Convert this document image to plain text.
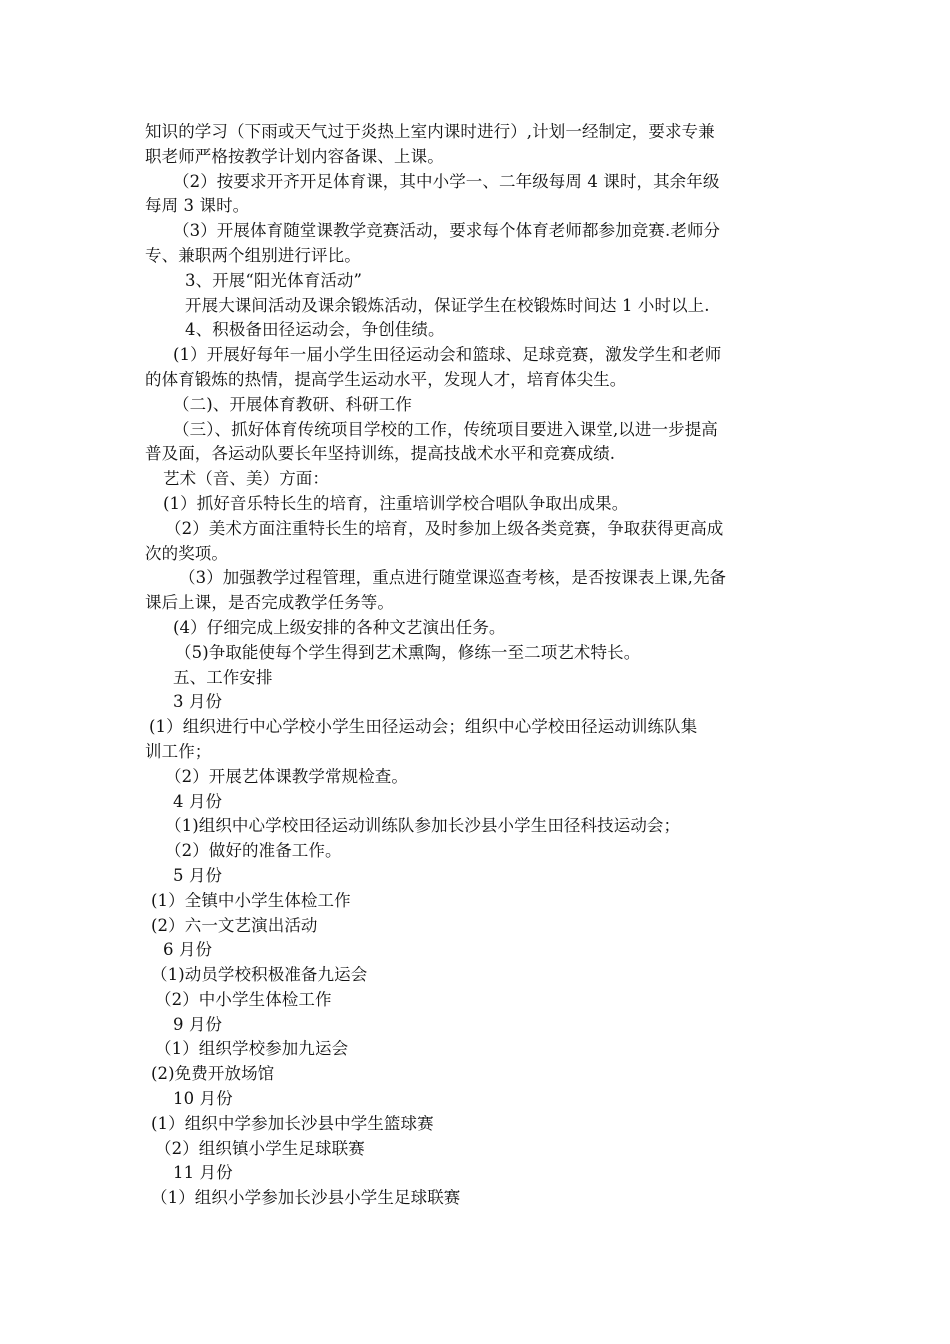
知识的学习（下雨或天气过于炎热上室内课时进行）,计划一经制定，要求专兼
职老师严格按教学计划内容备课、上课。
（2）按要求开齐开足体育课，其中小学一、二年级每周 4 课时，其余年级
每周 3 课时。
（3）开展体育随堂课教学竞赛活动，要求每个体育老师都参加竞赛.老师分
专、兼职两个组别进行评比。
3、开展“阳光体育活动”
开展大课间活动及课余锻炼活动，保证学生在校锻炼时间达 1 小时以上.
4、积极备田径运动会，争创佳绩。
(1）开展好每年一届小学生田径运动会和篮球、足球竞赛，激发学生和老师
的体育锻炼的热情，提高学生运动水平，发现人才，培育体尖生。
（二)、开展体育教研、科研工作
（三）、抓好体育传统项目学校的工作，传统项目要进入课堂,以进一步提高
普及面，各运动队要长年坚持训练，提高技战术水平和竞赛成绩.
艺术（音、美）方面：
(1）抓好音乐特长生的培育，注重培训学校合唱队争取出成果。
（2）美术方面注重特长生的培育，及时参加上级各类竞赛，争取获得更高成
次的奖项。
（3）加强教学过程管理，重点进行随堂课巡查考核，是否按课表上课,先备
课后上课，是否完成教学任务等。
(4）仔细完成上级安排的各种文艺演出任务。
（5)争取能使每个学生得到艺术熏陶，修练一至二项艺术特长。
五、工作安排
3 月份
(1）组织进行中心学校小学生田径运动会；组织中心学校田径运动训练队集
训工作；
（2）开展艺体课教学常规检查。
4 月份
（1)组织中心学校田径运动训练队参加长沙县小学生田径科技运动会；
（2）做好的准备工作。
5 月份
(1）全镇中小学生体检工作
(2）六一文艺演出活动
6 月份
（1)动员学校积极准备九运会
（2）中小学生体检工作
9 月份
（1）组织学校参加九运会
(2)免费开放场馆
10 月份
(1）组织中学参加长沙县中学生篮球赛
（2）组织镇小学生足球联赛
11 月份
（1）组织小学参加长沙县小学生足球联赛
